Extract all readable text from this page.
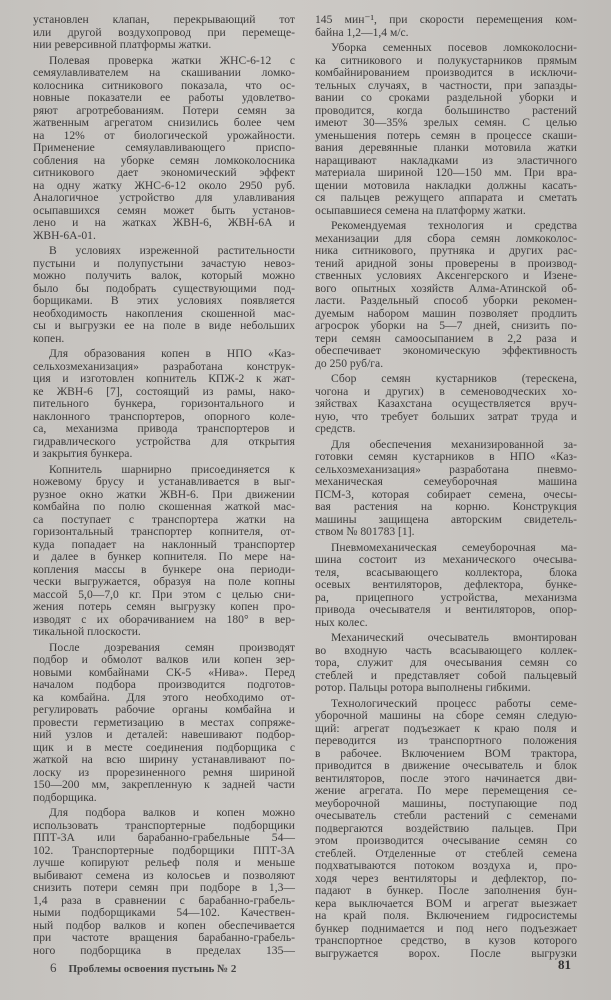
установлен клапан, перекрывающий тот
или другой воздухопровод при перемеще-
нии реверсивной платформы жатки.
Полевая проверка жатки ЖНС-6-12 с
семяулавливателем на скашивании ломко-
колосника ситникового показала, что ос-
новные показатели ее работы удовлетво-
ряют агротребованиям. Потери семян за
жатвенным агрегатом снизились более чем
на 12% от биологической урожайности.
Применение семяулавливающего приспо-
собления на уборке семян ломкоколосника
ситникового дает экономический эффект
на одну жатку ЖНС-6-12 около 2950 руб.
Аналогичное устройство для улавливания
осыпавшихся семян может быть установ-
лено и на жатках ЖВН-6, ЖВН-6А и
ЖВН-6А-01.
В условиях изреженной растительности
пустыни и полупустыни зачастую невоз-
можно получить валок, который можно
было бы подобрать существующими под-
борщиками. В этих условиях появляется
необходимость накопления скошенной мас-
сы и выгрузки ее на поле в виде небольших
копен.
Для образования копен в НПО «Каз-
сельхозмеханизация» разработана конструк-
ция и изготовлен копнитель КПЖ-2 к жат-
ке ЖВН-6 [7], состоящий из рамы, нако-
пительного бункера, горизонтального и
наклонного транспортеров, опорного коле-
са, механизма привода транспортеров и
гидравлического устройства для открытия
и закрытия бункера.
Копнитель шарнирно присоединяется к
ножевому брусу и устанавливается в выг-
рузное окно жатки ЖВН-6. При движении
комбайна по полю скошенная жаткой мас-
са поступает с транспортера жатки на
горизонтальный транспортер копнителя, от-
куда попадает на наклонный транспортер
и далее в бункер копнителя. По мере на-
копления массы в бункере она периоди-
чески выгружается, образуя на поле копны
массой 5,0—7,0 кг. При этом с целью сни-
жения потерь семян выгрузку копен про-
изводят с их оборачиванием на 180° в вер-
тикальной плоскости.
После дозревания семян производят
подбор и обмолот валков или копен зер-
новыми комбайнами СК-5 «Нива». Перед
началом подбора производится подготов-
ка комбайна. Для этого необходимо от-
регулировать рабочие органы комбайна и
провести герметизацию в местах сопряже-
ний узлов и деталей: навешивают подбор-
щик и в месте соединения подборщика с
жаткой на всю ширину устанавливают по-
лоску из прорезиненного ремня шириной
150—200 мм, закрепленную к задней части
подборщика.
Для подбора валков и копен можно
использовать транспортерные подборщики
ППТ-3А или барабанно-грабельные 54—
102. Транспортерные подборщики ППТ-3А
лучше копируют рельеф поля и меньше
выбивают семена из колосьев и позволяют
снизить потери семян при подборе в 1,3—
1,4 раза в сравнении с барабанно-грабель-
ными подборщиками 54—102. Качествен-
ный подбор валков и копен обеспечивается
при частоте вращения барабанно-грабель-
ного подборщика в пределах 135—
145 мин⁻¹, при скорости перемещения ком-
байна 1,2—1,4 м/с.
Уборка семенных посевов ломкоколосни-
ка ситникового и полукустарников прямым
комбайнированием производится в исключи-
тельных случаях, в частности, при запазды-
вании со сроками раздельной уборки и
проводится, когда большинство растений
имеют 30—35% зрелых семян. С целью
уменьшения потерь семян в процессе скаши-
вания деревянные планки мотовила жатки
наращивают накладками из эластичного
материала шириной 120—150 мм. При вра-
щении мотовила накладки должны касать-
ся пальцев режущего аппарата и сметать
осыпавшиеся семена на платформу жатки.
Рекомендуемая технология и средства
механизации для сбора семян ломкоколос-
ника ситникового, прутняка и других рас-
тений аридной зоны проверены в производ-
ственных условиях Аксенгерского и Изене-
вого опытных хозяйств Алма-Атинской об-
ласти. Раздельный способ уборки рекомен-
дуемым набором машин позволяет продлить
агросрок уборки на 5—7 дней, снизить по-
тери семян самоосыпанием в 2,2 раза и
обеспечивает экономическую эффективность
до 250 руб/га.
Сбор семян кустарников (терескена,
чогона и других) в семеноводческих хо-
зяйствах Казахстана осуществляется вруч-
ную, что требует больших затрат труда и
средств.
Для обеспечения механизированной за-
готовки семян кустарников в НПО «Каз-
сельхозмеханизация» разработана пневмо-
механическая семеуборочная машина
ПСМ-3, которая собирает семена, очесы-
вая растения на корню. Конструкция
машины защищена авторским свидетель-
ством № 801783 [1].
Пневмомеханическая семеуборочная ма-
шина состоит из механического очесыва-
теля, всасывающего коллектора, блока
осевых вентиляторов, дефлектора, бунке-
ра, прицепного устройства, механизма
привода очесывателя и вентиляторов, опор-
ных колес.
Механический очесыватель вмонтирован
во входную часть всасывающего коллек-
тора, служит для очесывания семян со
стеблей и представляет собой пальцевый
ротор. Пальцы ротора выполнены гибкими.
Технологический процесс работы семе-
уборочной машины на сборе семян следую-
щий: агрегат подъезжает к краю поля и
переводится из транспортного положения
в рабочее. Включением ВОМ трактора,
приводится в движение очесыватель и блок
вентиляторов, после этого начинается дви-
жение агрегата. По мере перемещения се-
меуборочной машины, поступающие под
очесыватель стебли растений с семенами
подвергаются воздействию пальцев. При
этом производится очесывание семян со
стеблей. Отделенные от стеблей семена
подхватываются потоком воздуха и, про-
ходя через вентиляторы и дефлектор, по-
падают в бункер. После заполнения бун-
кера выключается ВОМ и агрегат выезжает
на край поля. Включением гидросистемы
бункер поднимается и под него подъезжает
транспортное средство, в кузов которого
выгружается ворох. После выгрузки
6 Проблемы освоения пустынь № 2	81
